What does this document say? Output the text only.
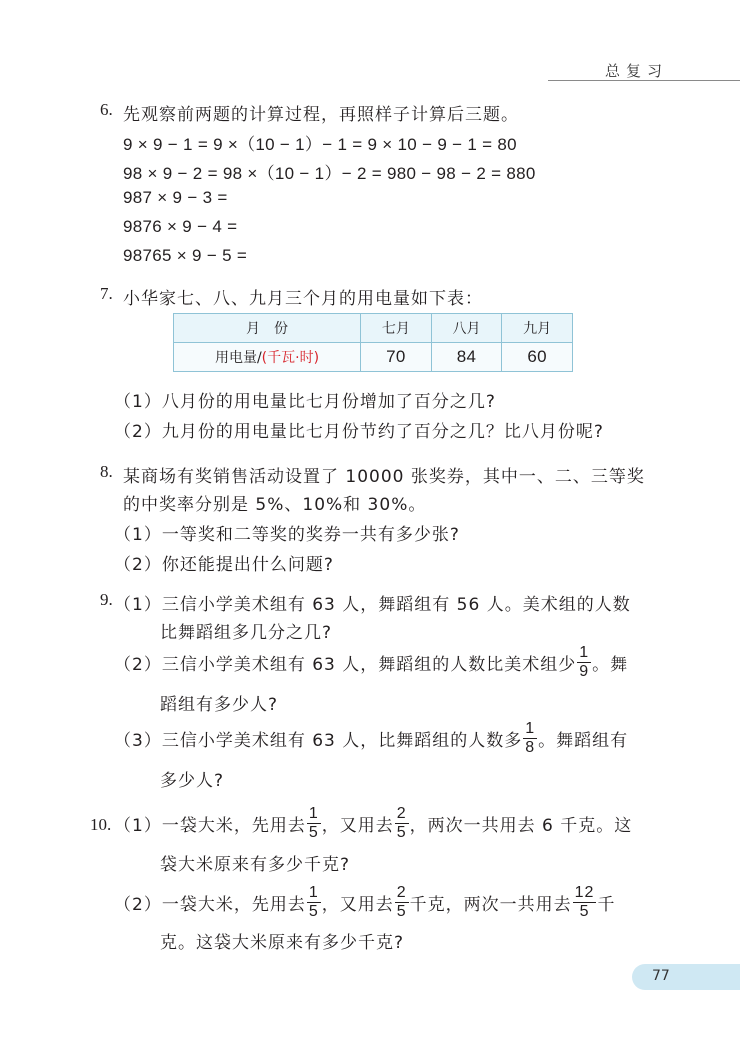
总复习
6. 先观察前两题的计算过程，再照样子计算后三题。
9 × 9 − 1 = 9 ×（10 − 1）− 1 = 9 × 10 − 9 − 1 = 80
98 × 9 − 2 = 98 ×（10 − 1）− 2 = 980 − 98 − 2 = 880
987 × 9 − 3 =
9876 × 9 − 4 =
98765 × 9 − 5 =
7. 小华家七、八、九月三个月的用电量如下表：
月　份	七月	八月	九月
用电量/(千瓦·时)	70	84	60
（1）八月份的用电量比七月份增加了百分之几?
（2）九月份的用电量比七月份节约了百分之几？比八月份呢?
8. 某商场有奖销售活动设置了 10000 张奖券，其中一、二、三等奖
的中奖率分别是 5%、10%和 30%。
（1）一等奖和二等奖的奖券一共有多少张?
（2）你还能提出什么问题?
9. （1）三信小学美术组有 63 人，舞蹈组有 56 人。美术组的人数
比舞蹈组多几分之几?
（2）三信小学美术组有 63 人，舞蹈组的人数比美术组少 $\frac{1}{9}$ 。舞
蹈组有多少人?
（3）三信小学美术组有 63 人，比舞蹈组的人数多 $\frac{1}{8}$ 。舞蹈组有
多少人?
10. （1）一袋大米，先用去 $\frac{1}{5}$ ，又用去 $\frac{2}{5}$ ，两次一共用去 6 千克。这
袋大米原来有多少千克?
（2）一袋大米，先用去 $\frac{1}{5}$ ，又用去 $\frac{2}{5}$ 千克，两次一共用去 $\frac{12}{5}$ 千
克。这袋大米原来有多少千克?
77
